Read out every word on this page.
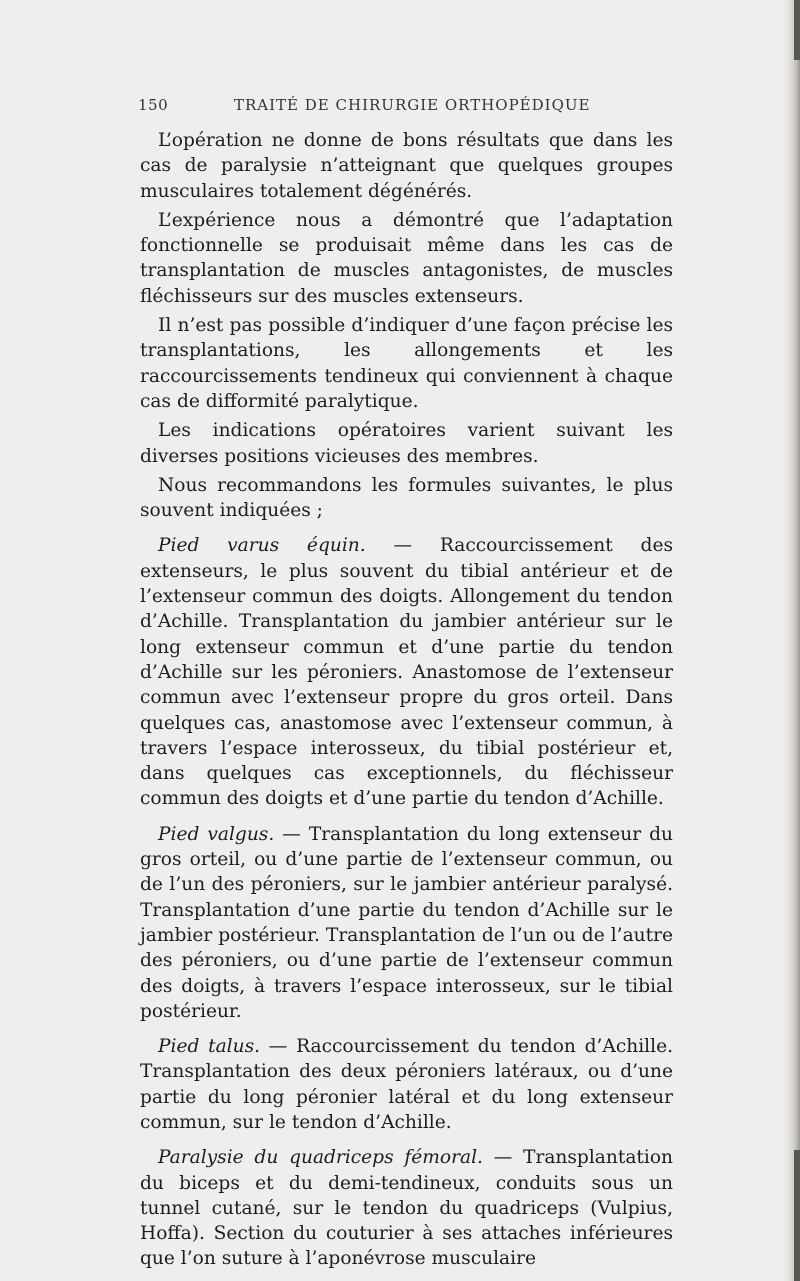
150	TRAITÉ DE CHIRURGIE ORTHOPÉDIQUE

L’opération ne donne de bons résultats que dans les cas de paralysie n’atteignant que quelques groupes musculaires totalement dégénérés.

L’expérience nous a démontré que l’adaptation fonctionnelle se produisait même dans les cas de transplantation de muscles antagonistes, de muscles fléchisseurs sur des muscles extenseurs.

Il n’est pas possible d’indiquer d’une façon précise les transplantations, les allongements et les raccourcissements tendineux qui conviennent à chaque cas de difformité paralytique.

Les indications opératoires varient suivant les diverses positions vicieuses des membres.

Nous recommandons les formules suivantes, le plus souvent indiquées ;

Pied varus équin. — Raccourcissement des extenseurs, le plus souvent du tibial antérieur et de l’extenseur commun des doigts. Allongement du tendon d’Achille. Transplantation du jambier antérieur sur le long extenseur commun et d’une partie du tendon d’Achille sur les péroniers. Anastomose de l’extenseur commun avec l’extenseur propre du gros orteil. Dans quelques cas, anastomose avec l’extenseur commun, à travers l’espace interosseux, du tibial postérieur et, dans quelques cas exceptionnels, du fléchisseur commun des doigts et d’une partie du tendon d’Achille.

Pied valgus. — Transplantation du long extenseur du gros orteil, ou d’une partie de l’extenseur commun, ou de l’un des péroniers, sur le jambier antérieur paralysé. Transplantation d’une partie du tendon d’Achille sur le jambier postérieur. Transplantation de l’un ou de l’autre des péroniers, ou d’une partie de l’extenseur commun des doigts, à travers l’espace interosseux, sur le tibial postérieur.

Pied talus. — Raccourcissement du tendon d’Achille. Transplantation des deux péroniers latéraux, ou d’une partie du long péronier latéral et du long extenseur commun, sur le tendon d’Achille.

Paralysie du quadriceps fémoral. — Transplantation du biceps et du demi-tendineux, conduits sous un tunnel cutané, sur le tendon du quadriceps (Vulpius, Hoffa). Section du couturier à ses attaches inférieures que l’on suture à l’aponévrose musculaire
